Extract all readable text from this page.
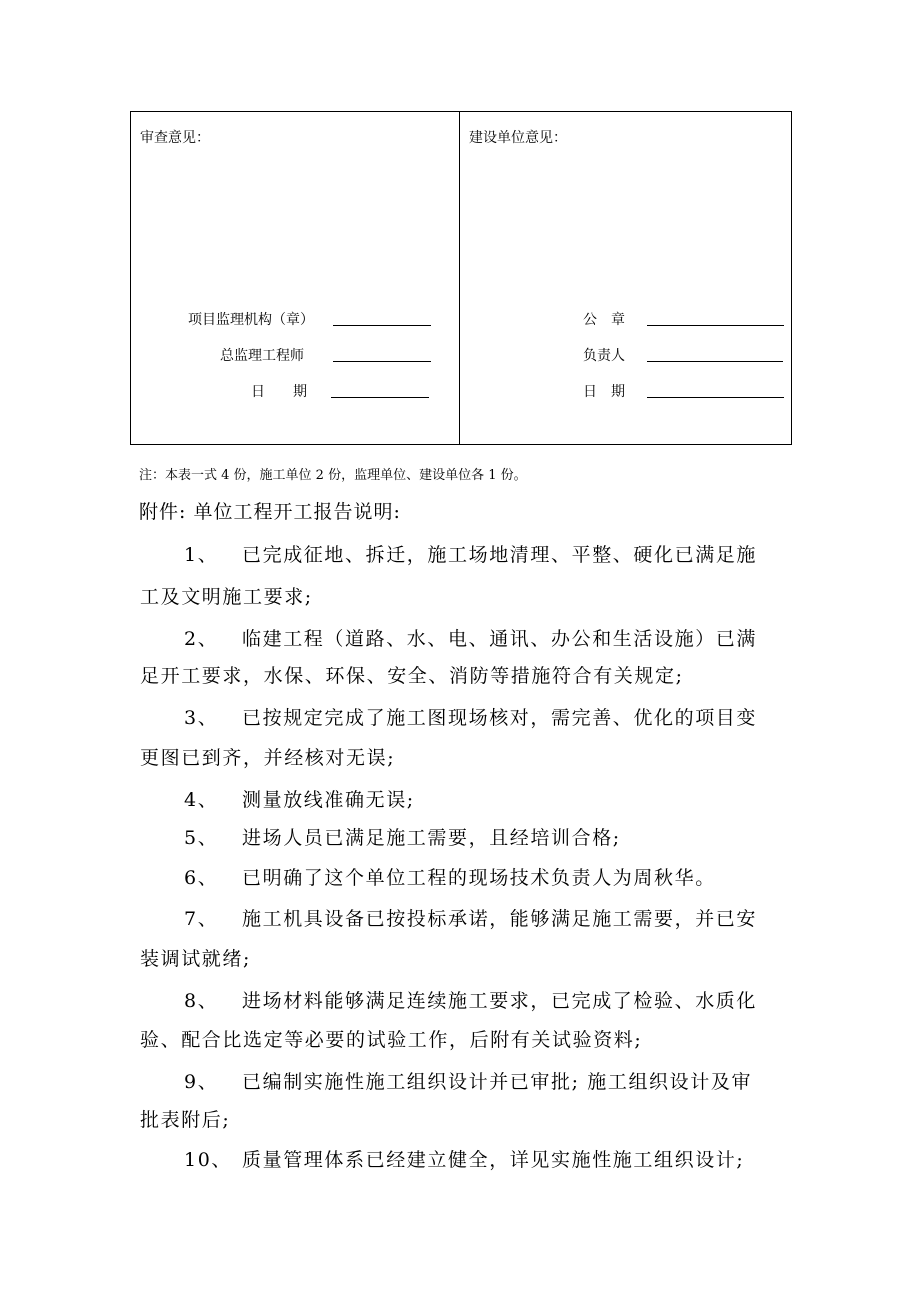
审查意见：
项目监理机构（章）
总监理工程师
日　　期
建设单位意见：
公　章
负责人
日　期
注：本表一式 4 份，施工单位 2 份，监理单位、建设单位各 1 份。
附件: 单位工程开工报告说明:
1、 已完成征地、拆迁，施工场地清理、平整、硬化已满足施
工及文明施工要求;
2、 临建工程（道路、水、电、通讯、办公和生活设施）已满
足开工要求，水保、环保、安全、消防等措施符合有关规定;
3、 已按规定完成了施工图现场核对，需完善、优化的项目变
更图已到齐，并经核对无误;
4、 测量放线准确无误;
5、 进场人员已满足施工需要，且经培训合格;
6、 已明确了这个单位工程的现场技术负责人为周秋华。
7、 施工机具设备已按投标承诺，能够满足施工需要，并已安
装调试就绪;
8、 进场材料能够满足连续施工要求，已完成了检验、水质化
验、配合比选定等必要的试验工作，后附有关试验资料;
9、 已编制实施性施工组织设计并已审批; 施工组织设计及审
批表附后;
10、 质量管理体系已经建立健全，详见实施性施工组织设计;
